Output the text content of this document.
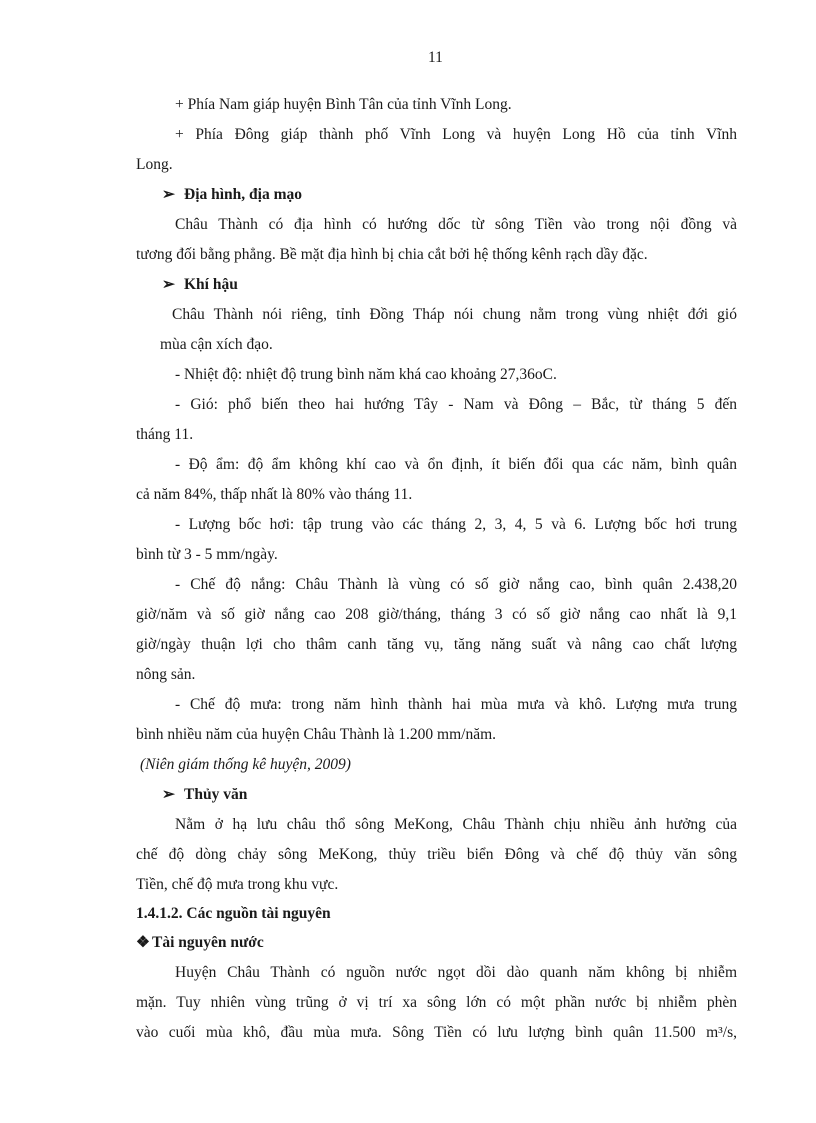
11
+ Phía Nam giáp huyện Bình Tân của tỉnh Vĩnh Long.
+ Phía Đông giáp thành phố Vĩnh Long và huyện Long Hồ của tỉnh Vĩnh
Long.
➢ Địa hình, địa mạo
Châu Thành có địa hình có hướng dốc từ sông Tiền vào trong nội đồng và
tương đối bằng phẳng. Bề mặt địa hình bị chia cắt bởi hệ thống kênh rạch dầy đặc.
➢ Khí hậu
Châu Thành nói riêng, tỉnh Đồng Tháp nói chung nằm trong vùng nhiệt đới gió
mùa cận xích đạo.
- Nhiệt độ: nhiệt độ trung bình năm khá cao khoảng 27,36oC.
- Gió: phổ biến theo hai hướng Tây - Nam và Đông – Bắc, từ tháng 5 đến
tháng 11.
- Độ ẩm: độ ẩm không khí cao và ổn định, ít biến đổi qua các năm, bình quân
cả năm 84%, thấp nhất là 80% vào tháng 11.
- Lượng bốc hơi: tập trung vào các tháng 2, 3, 4, 5 và 6. Lượng bốc hơi trung
bình từ 3 - 5 mm/ngày.
- Chế độ nắng: Châu Thành là vùng có số giờ nắng cao, bình quân 2.438,20
giờ/năm và số giờ nắng cao 208 giờ/tháng, tháng 3 có số giờ nắng cao nhất là 9,1
giờ/ngày thuận lợi cho thâm canh tăng vụ, tăng năng suất và nâng cao chất lượng
nông sản.
- Chế độ mưa: trong năm hình thành hai mùa mưa và khô. Lượng mưa trung
bình nhiều năm của huyện Châu Thành là 1.200 mm/năm.
(Niên giám thống kê huyện, 2009)
➢ Thủy văn
Nằm ở hạ lưu châu thổ sông MeKong, Châu Thành chịu nhiều ảnh hưởng của
chế độ dòng chảy sông MeKong, thủy triều biển Đông và chế độ thủy văn sông
Tiền, chế độ mưa trong khu vực.
1.4.1.2. Các nguồn tài nguyên
❖ Tài nguyên nước
Huyện Châu Thành có nguồn nước ngọt dồi dào quanh năm không bị nhiễm
mặn. Tuy nhiên vùng trũng ở vị trí xa sông lớn có một phần nước bị nhiễm phèn
vào cuối mùa khô, đầu mùa mưa. Sông Tiền có lưu lượng bình quân 11.500 m³/s,
